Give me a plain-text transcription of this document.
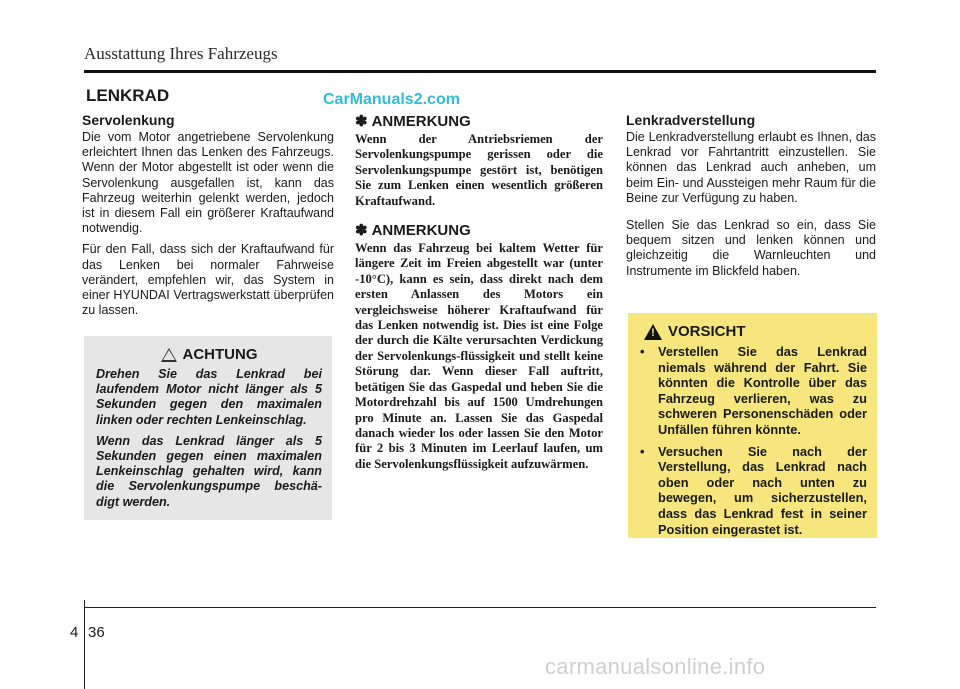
Ausstattung Ihres Fahrzeugs
LENKRAD	CarManuals2.com
Servolenkung

Die vom Motor angetriebene Servolenkung erleichtert Ihnen das Lenken des Fahrzeugs. Wenn der Motor abgestellt ist oder wenn die Servolenkung ausgefallen ist, kann das Fahrzeug weiterhin gelenkt werden, jedoch ist in diesem Fall ein größerer Kraftaufwand notwendig.

Für den Fall, dass sich der Kraftaufwand für das Lenken bei normaler Fahrweise verändert, empfehlen wir, das System in einer HYUNDAI Vertragswerkstatt überprüfen zu lassen.

ACHTUNG

Drehen Sie das Lenkrad bei laufendem Motor nicht länger als 5 Sekunden gegen den maximalen linken oder rechten Lenkeinschlag.

Wenn das Lenkrad länger als 5 Sekunden gegen einen maximalen Lenkeinschlag gehalten wird, kann die Servolenkungspumpe beschä-digt werden.

✽ ANMERKUNG

Wenn der Antriebsriemen der Servolenkungspumpe gerissen oder die Servolenkungspumpe gestört ist, benötigen Sie zum Lenken einen wesentlich größeren Kraftaufwand.

✽ ANMERKUNG

Wenn das Fahrzeug bei kaltem Wetter für längere Zeit im Freien abgestellt war (unter -10°C), kann es sein, dass direkt nach dem ersten Anlassen des Motors ein vergleichsweise höherer Kraftaufwand für das Lenken notwendig ist. Dies ist eine Folge der durch die Kälte verursachten Verdickung der Servolenkungs-flüssigkeit und stellt keine Störung dar. Wenn dieser Fall auftritt, betätigen Sie das Gaspedal und heben Sie die Motordrehzahl bis auf 1500 Umdrehungen pro Minute an. Lassen Sie das Gaspedal danach wieder los oder lassen Sie den Motor für 2 bis 3 Minuten im Leerlauf laufen, um die Servolenkungsflüssigkeit aufzuwärmen.

Lenkradverstellung

Die Lenkradverstellung erlaubt es Ihnen, das Lenkrad vor Fahrtantritt einzustellen. Sie können das Lenkrad auch anheben, um beim Ein- und Aussteigen mehr Raum für die Beine zur Verfügung zu haben.

Stellen Sie das Lenkrad so ein, dass Sie bequem sitzen und lenken können und gleichzeitig die Warnleuchten und Instrumente im Blickfeld haben.

! VORSICHT
• Verstellen Sie das Lenkrad niemals während der Fahrt. Sie könnten die Kontrolle über das Fahrzeug verlieren, was zu schweren Personenschäden oder Unfällen führen könnte.
• Versuchen Sie nach der Verstellung, das Lenkrad nach oben oder nach unten zu bewegen, um sicherzustellen, dass das Lenkrad fest in seiner Position eingerastet ist.
4 36
carmanualsonline.info
